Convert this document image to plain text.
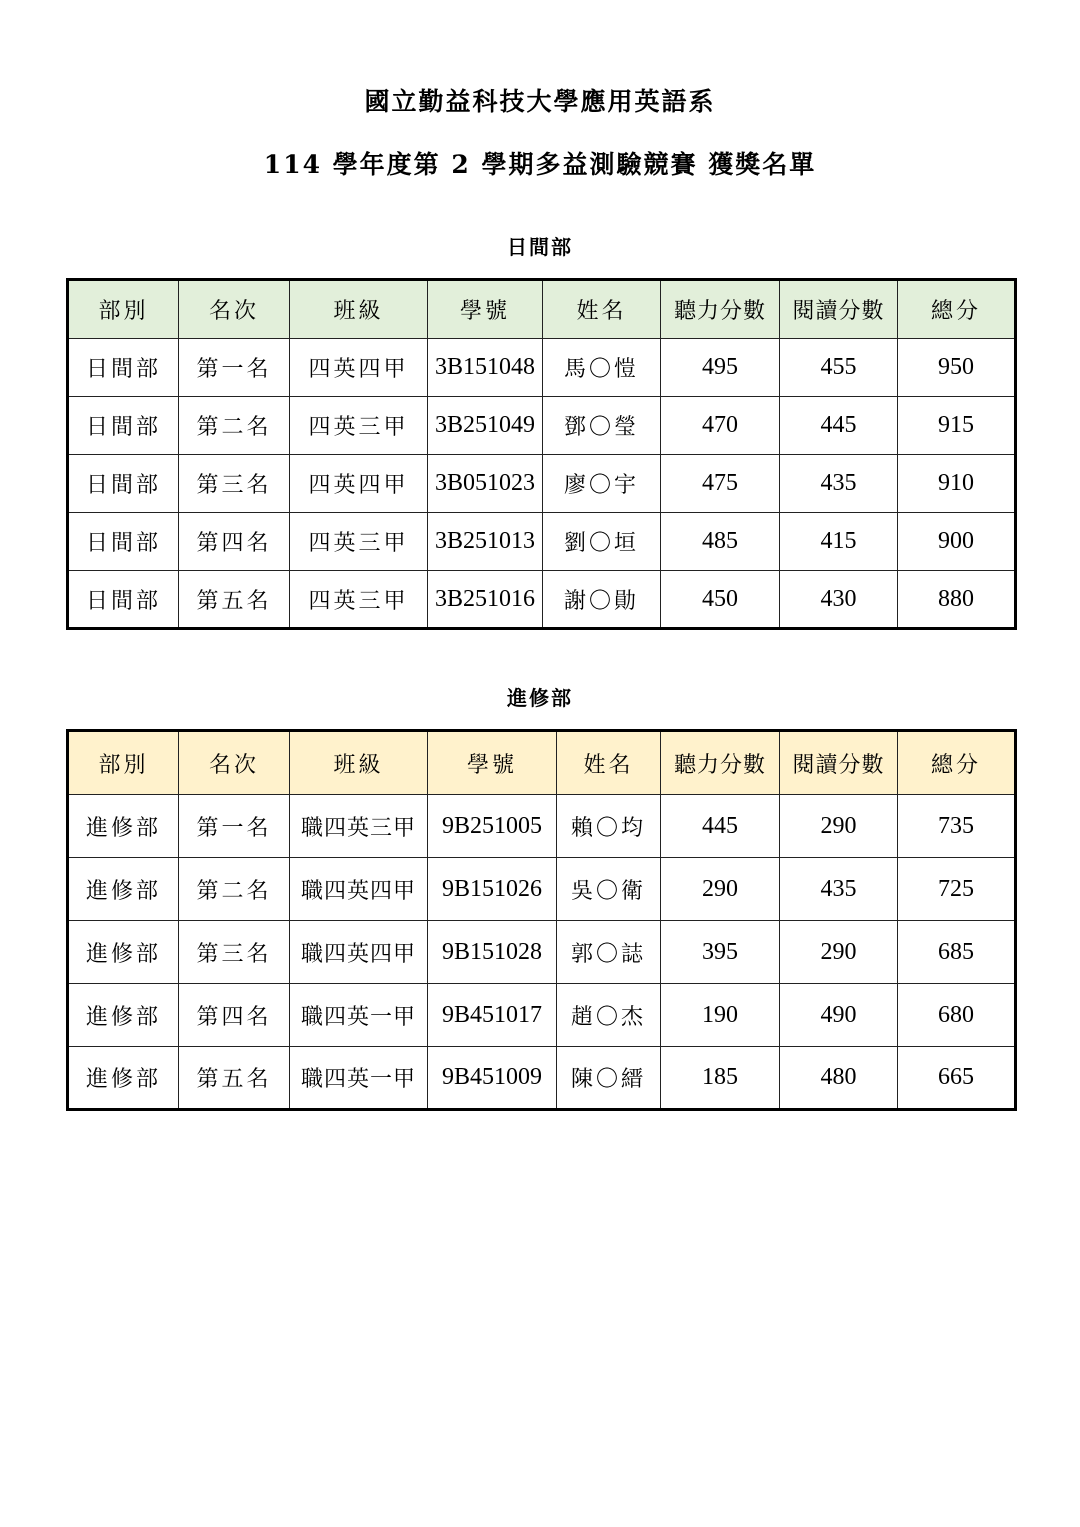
國立勤益科技大學應用英語系
114 學年度第 2 學期多益測驗競賽 獲獎名單
日間部
部別	名次	班級	學號	姓名	聽力分數	閱讀分數	總分
日間部	第一名	四英四甲	3B151048	馬〇愷	495	455	950
日間部	第二名	四英三甲	3B251049	鄧〇瑩	470	445	915
日間部	第三名	四英四甲	3B051023	廖〇宇	475	435	910
日間部	第四名	四英三甲	3B251013	劉〇垣	485	415	900
日間部	第五名	四英三甲	3B251016	謝〇勛	450	430	880
進修部
部別	名次	班級	學號	姓名	聽力分數	閱讀分數	總分
進修部	第一名	職四英三甲	9B251005	賴〇均	445	290	735
進修部	第二名	職四英四甲	9B151026	吳〇衛	290	435	725
進修部	第三名	職四英四甲	9B151028	郭〇誌	395	290	685
進修部	第四名	職四英一甲	9B451017	趙〇杰	190	490	680
進修部	第五名	職四英一甲	9B451009	陳〇縉	185	480	665
